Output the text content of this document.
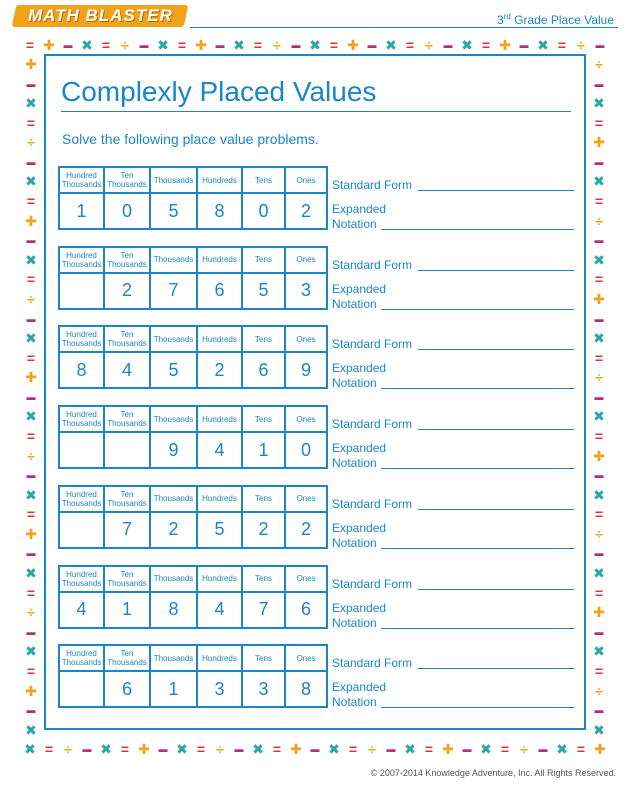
MATH BLASTER	3rd Grade Place Value
= ✚ ▬ ✖ = ÷ ▬ ✖ = ✚ ▬ ✖ = ÷ ▬ ✖ = ✚ ▬ ✖ = ÷ ▬ ✖ = ✚ ▬ ✖ = ÷ ▬
✖ = ÷ ▬ ✖ = ✚ ▬ ✖ = ÷ ▬ ✖ = ✚ ▬ ✖ = ÷ ▬ ✖ = ✚ ▬ ✖ = ÷ ▬ ✖ = ✚
✚
▬
✖
=
÷
▬
✖
=
✚
▬
✖
=
÷
▬
✖
=
✚
▬
✖
=
÷
▬
✖
=
✚
▬
✖
=
÷
▬
✖
=
✚
▬
✖
÷
▬
✖
=
✚
▬
✖
=
÷
▬
✖
=
✚
▬
✖
=
÷
▬
✖
=
✚
▬
✖
=
÷
▬
✖
=
✚
▬
✖
=
÷
▬
✖
Complexly Placed Values
Solve the following place value problems.
Hundred Thousands	Ten Thousands	Thousands	Hundreds	Tens	Ones
1	0	5	8	0	2
Standard Form
Expanded
Notation
Hundred Thousands	Ten Thousands	Thousands	Hundreds	Tens	Ones
	2	7	6	5	3
Standard Form
Expanded
Notation
Hundred Thousands	Ten Thousands	Thousands	Hundreds	Tens	Ones
8	4	5	2	6	9
Standard Form
Expanded
Notation
Hundred Thousands	Ten Thousands	Thousands	Hundreds	Tens	Ones
		9	4	1	0
Standard Form
Expanded
Notation
Hundred Thousands	Ten Thousands	Thousands	Hundreds	Tens	Ones
	7	2	5	2	2
Standard Form
Expanded
Notation
Hundred Thousands	Ten Thousands	Thousands	Hundreds	Tens	Ones
4	1	8	4	7	6
Standard Form
Expanded
Notation
Hundred Thousands	Ten Thousands	Thousands	Hundreds	Tens	Ones
	6	1	3	3	8
Standard Form
Expanded
Notation
© 2007-2014 Knowledge Adventure, Inc. All Rights Reserved.
